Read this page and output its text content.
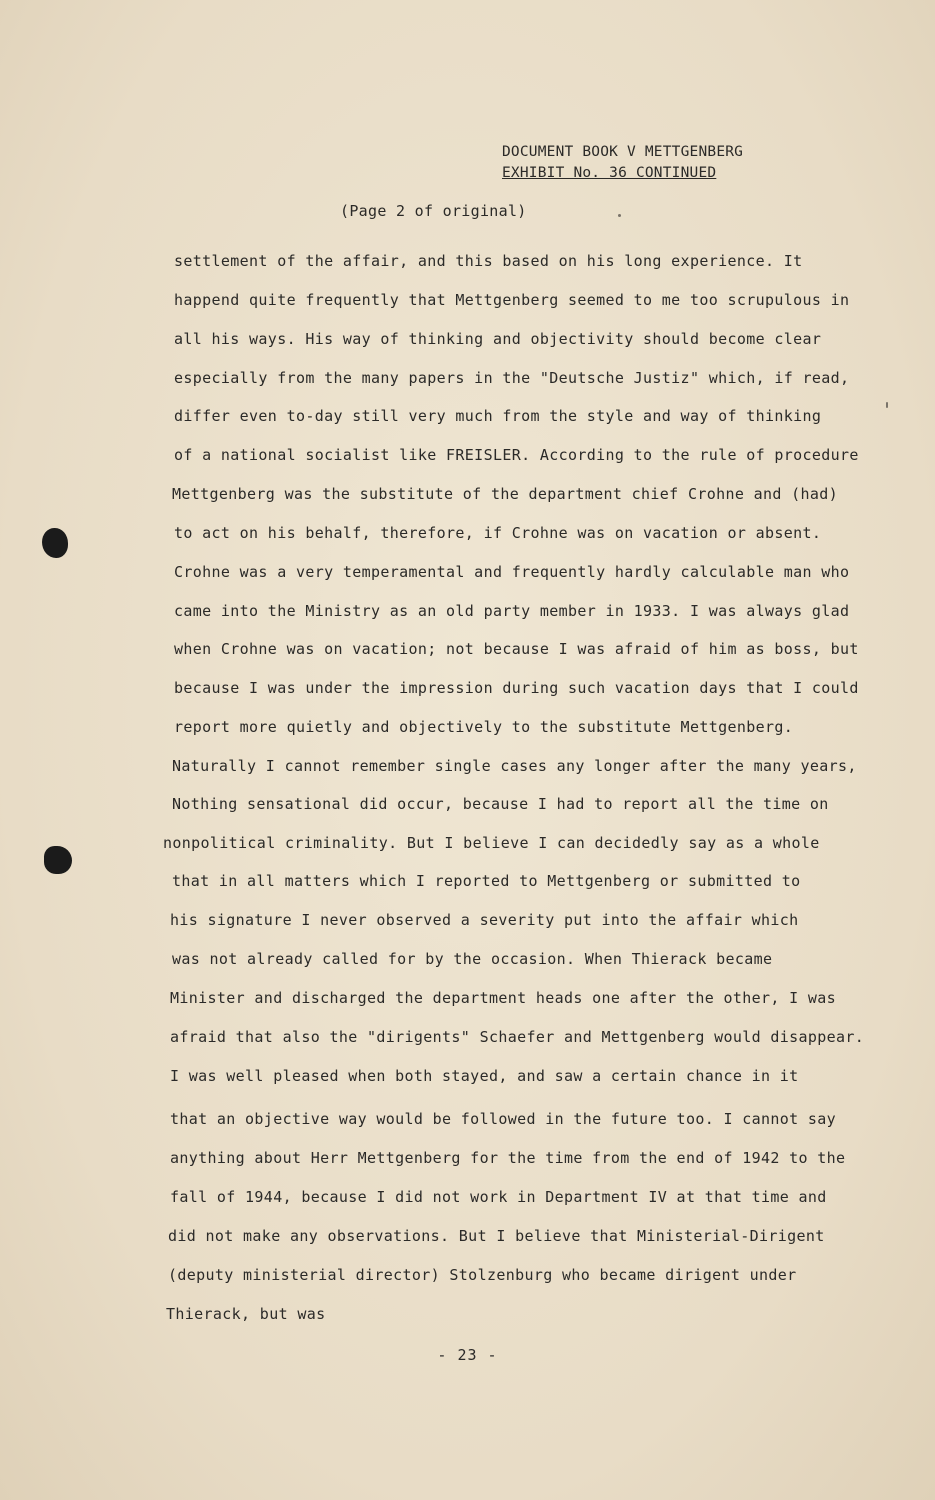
DOCUMENT BOOK V METTGENBERG
EXHIBIT No. 36 CONTINUED
(Page 2 of original)
settlement of the affair, and this based on his long experience. It
happend quite frequently that Mettgenberg seemed to me too scrupulous in
all his ways. His way of thinking and objectivity should become clear
especially from the many papers in the "Deutsche Justiz" which, if read,
differ even to-day still very much from the style and way of thinking
of a national socialist like FREISLER. According to the rule of procedure
Mettgenberg was the substitute of the department chief Crohne and (had)
to act on his behalf, therefore, if Crohne was on vacation or absent.
Crohne was a very temperamental and frequently hardly calculable man who
came into the Ministry as an old party member in 1933. I was always glad
when Crohne was on vacation; not because I was afraid of him as boss, but
because I was under the impression during such vacation days that I could
report more quietly and objectively to the substitute Mettgenberg.
Naturally I cannot remember single cases any longer after the many years,
Nothing sensational did occur, because I had to report all the time on
nonpolitical criminality. But I believe I can decidedly say as a whole
that in all matters which I reported to Mettgenberg or submitted to
his signature I never observed a severity put into the affair which
was not already called for by the occasion. When Thierack became
Minister and discharged the department heads one after the other, I was
afraid that also the "dirigents" Schaefer and Mettgenberg would disappear.
I was well pleased when both stayed, and saw a certain chance in it
that an objective way would be followed in the future too. I cannot say
anything about Herr Mettgenberg for the time from the end of 1942 to the
fall of 1944, because I did not work in Department IV at that time and
did not make any observations. But I believe that Ministerial-Dirigent
(deputy ministerial director) Stolzenburg who became dirigent under
Thierack, but was
- 23 -
